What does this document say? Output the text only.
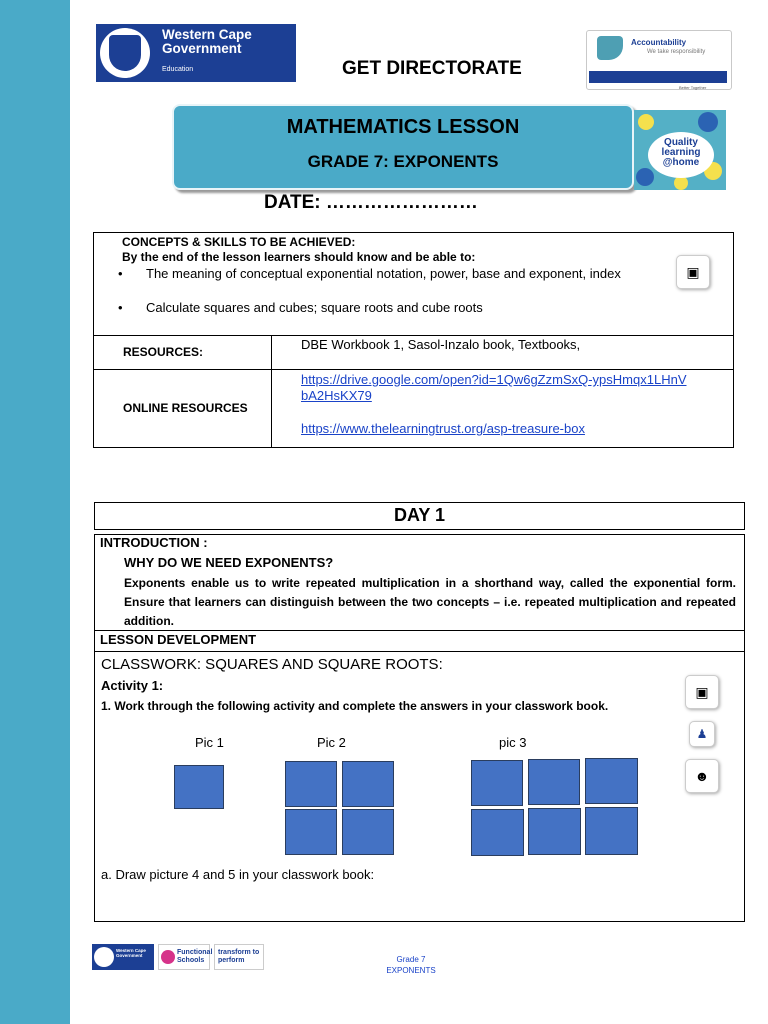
Western Cape
Government
Education	GET DIRECTORATE
Accountability
We take responsibility
Better Together
MATHEMATICS LESSON
GRADE 7: EXPONENTS
Quality learning @home
DATE: ……………………
CONCEPTS & SKILLS TO BE ACHIEVED:
By the end of the lesson learners should know and be able to:
• The meaning of conceptual exponential notation, power, base and exponent, index
• Calculate squares and cubes; square roots and cube roots
▣
RESOURCES:	DBE Workbook 1, Sasol-Inzalo book, Textbooks,
ONLINE RESOURCES
https://drive.google.com/open?id=1Qw6gZzmSxQ-ypsHmqx1LHnVbA2HsKX79
https://www.thelearningtrust.org/asp-treasure-box
DAY 1
INTRODUCTION :
WHY DO WE NEED EXPONENTS?
Exponents enable us to write repeated multiplication in a shorthand way, called the exponential form. Ensure that learners can distinguish between the two concepts – i.e. repeated multiplication and repeated addition.
LESSON DEVELOPMENT
CLASSWORK: SQUARES AND SQUARE ROOTS:
Activity 1:
1. Work through the following activity and complete the answers in your classwork book.
▣
♟
☻
Pic 1	Pic 2	pic 3
a. Draw picture 4 and 5 in your classwork book:
Western Cape Government	Functional Schools
transform to perform	Grade 7
EXPONENTS
